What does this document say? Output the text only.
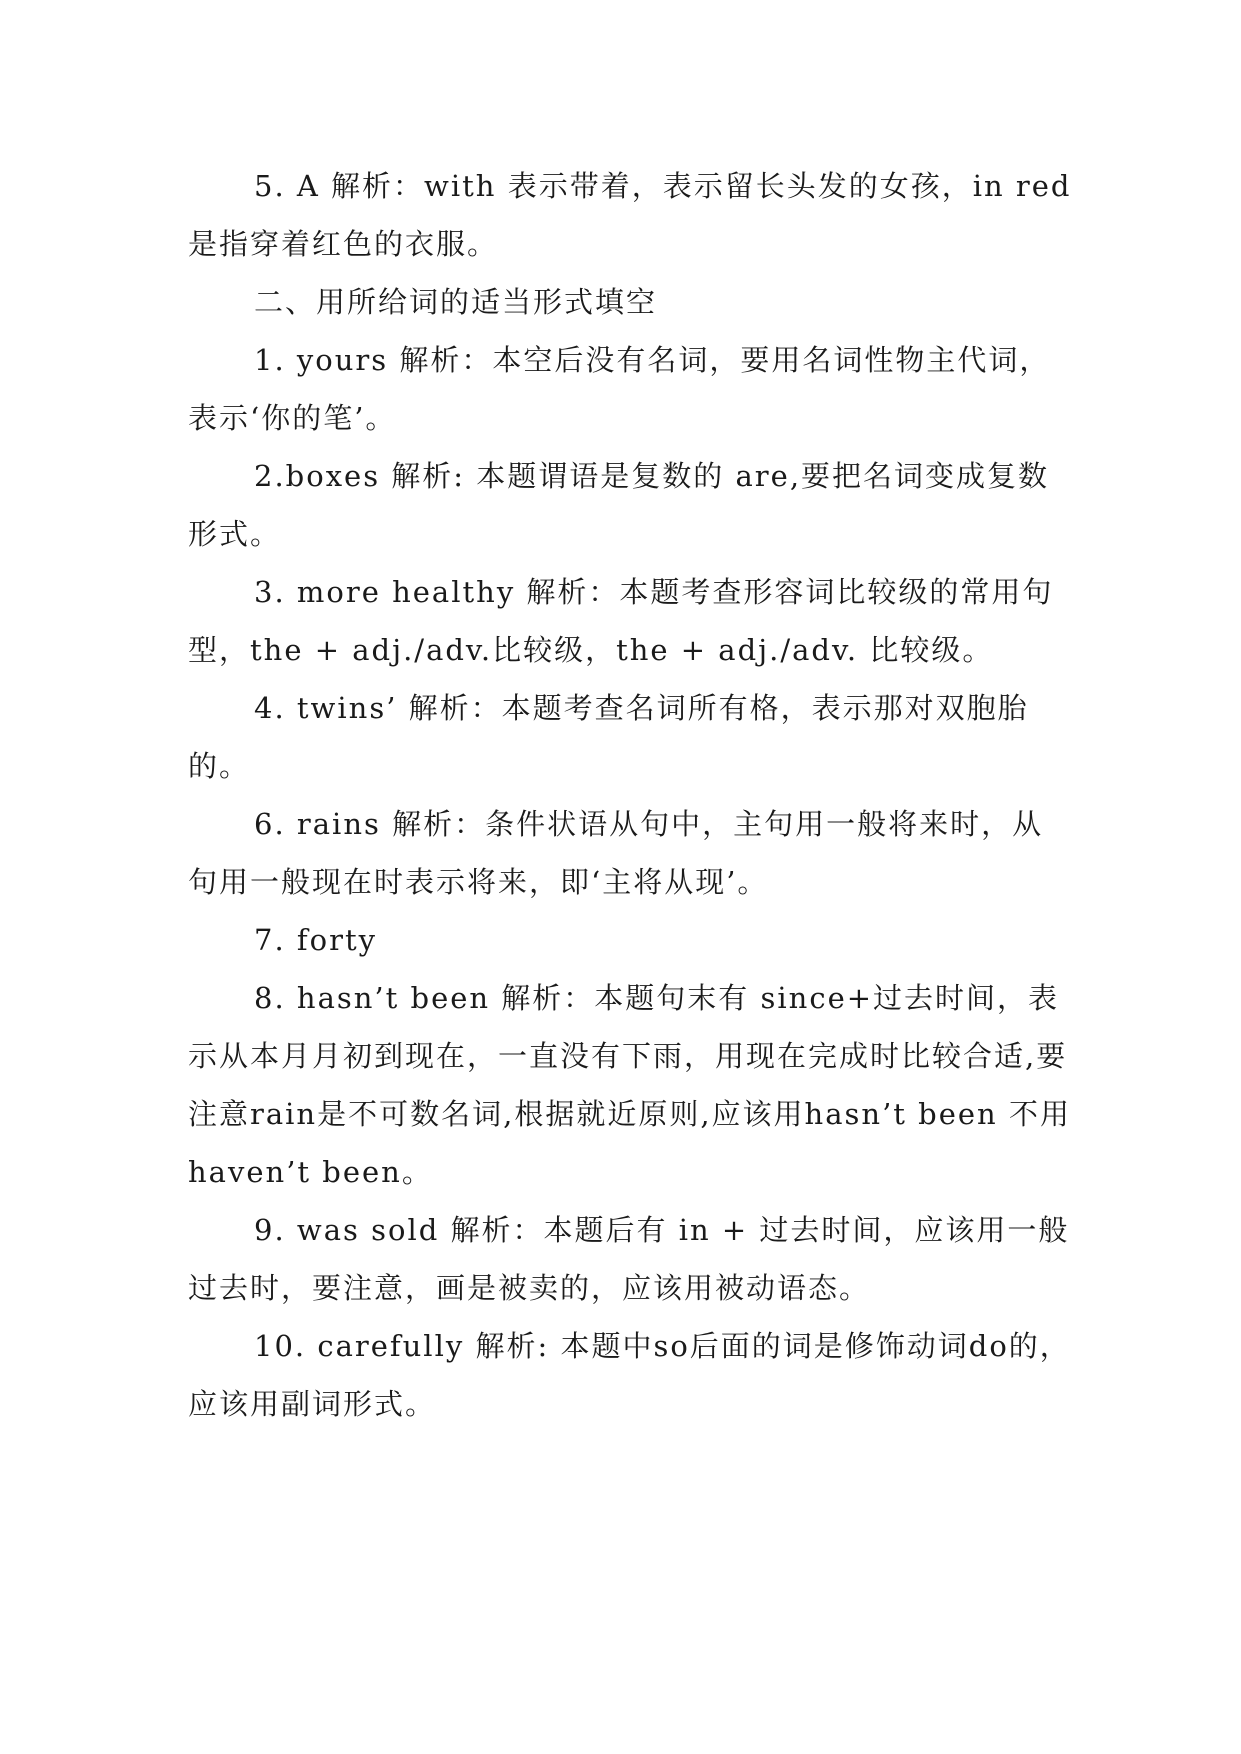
5. A 解析：with 表示带着，表示留长头发的女孩，in red 是指穿着红色的衣服。

二、用所给词的适当形式填空

1. yours 解析：本空后没有名词，要用名词性物主代词，表示‘你的笔’。

2.boxes 解析: 本题谓语是复数的 are,要把名词变成复数形式。

3. more healthy 解析：本题考查形容词比较级的常用句型，the + adj./adv.比较级，the + adj./adv. 比较级。

4. twins’ 解析：本题考查名词所有格，表示那对双胞胎的。

6. rains 解析：条件状语从句中，主句用一般将来时，从句用一般现在时表示将来，即‘主将从现’。

7. forty

8. hasn’t been 解析：本题句末有 since+过去时间，表示从本月月初到现在，一直没有下雨，用现在完成时比较合适,要注意rain是不可数名词,根据就近原则,应该用hasn’t been 不用haven’t been。

9. was sold 解析：本题后有 in + 过去时间，应该用一般过去时，要注意，画是被卖的，应该用被动语态。

10. carefully 解析: 本题中so后面的词是修饰动词do的，应该用副词形式。
